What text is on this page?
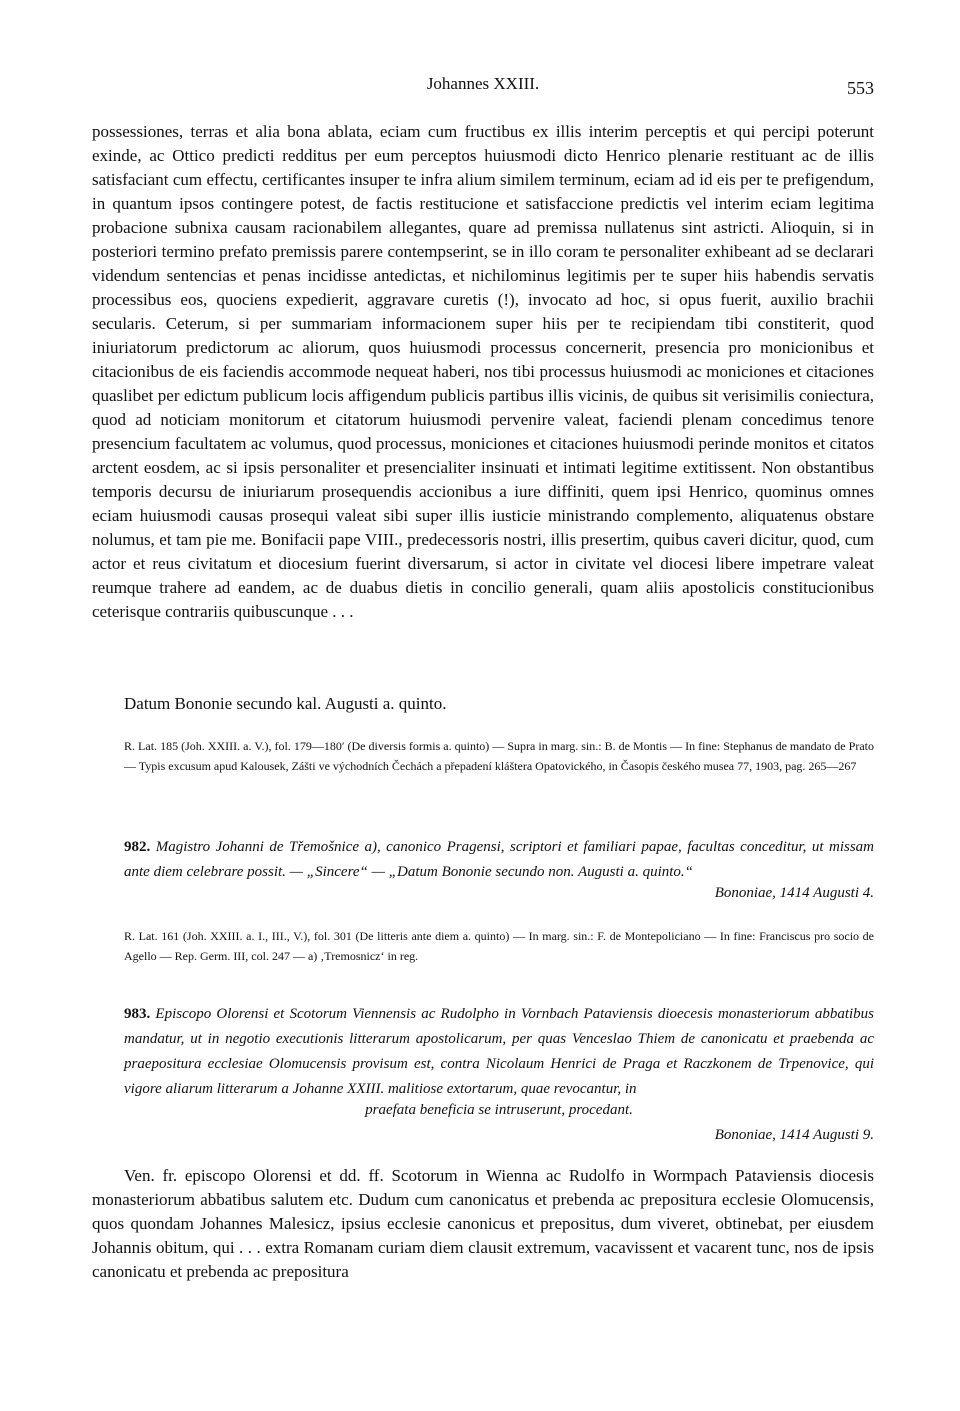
Johannes XXIII.	553

possessiones, terras et alia bona ablata, eciam cum fructibus ex illis interim perceptis et qui percipi poterunt exinde, ac Ottico predicti redditus per eum perceptos huiusmodi dicto Henrico plenarie restituant ac de illis satisfaciant cum effectu, certificantes insuper te infra alium similem terminum, eciam ad id eis per te prefigendum, in quantum ipsos contingere potest, de factis restitucione et satisfaccione predictis vel interim eciam legitima probacione subnixa causam racionabilem allegantes, quare ad premissa nullatenus sint astricti. Alioquin, si in posteriori termino prefato premissis parere contempserint, se in illo coram te personaliter exhibeant ad se declarari videndum sentencias et penas incidisse antedictas, et nichilominus legitimis per te super hiis habendis servatis processibus eos, quociens expedierit, aggravare curetis (!), invocato ad hoc, si opus fuerit, auxilio brachii secularis. Ceterum, si per summariam informacionem super hiis per te recipiendam tibi constiterit, quod iniuriatorum predictorum ac aliorum, quos huiusmodi processus concernerit, presencia pro monicionibus et citacionibus de eis faciendis accommode nequeat haberi, nos tibi processus huiusmodi ac moniciones et citaciones quaslibet per edictum publicum locis affigendum publicis partibus illis vicinis, de quibus sit verisimilis coniectura, quod ad noticiam monitorum et citatorum huiusmodi pervenire valeat, faciendi plenam concedimus tenore presencium facultatem ac volumus, quod processus, moniciones et citaciones huiusmodi perinde monitos et citatos arctent eosdem, ac si ipsis personaliter et presencialiter insinuati et intimati legitime extitissent. Non obstantibus temporis decursu de iniuriarum prosequendis accionibus a iure diffiniti, quem ipsi Henrico, quominus omnes eciam huiusmodi causas prosequi valeat sibi super illis iusticie ministrando complemento, aliquatenus obstare nolumus, et tam pie me. Bonifacii pape VIII., predecessoris nostri, illis presertim, quibus caveri dicitur, quod, cum actor et reus civitatum et diocesium fuerint diversarum, si actor in civitate vel diocesi libere impetrare valeat reumque trahere ad eandem, ac de duabus dietis in concilio generali, quam aliis apostolicis constitucionibus ceterisque contrariis quibuscunque . . .

Datum Bononie secundo kal. Augusti a. quinto.
R. Lat. 185 (Joh. XXIII. a. V.), fol. 179—180′ (De diversis formis a. quinto) — Supra in marg. sin.: B. de Montis — In fine: Stephanus de mandato de Prato — Typis excusum apud Kalousek, Zášti ve východních Čechách a přepadení kláštera Opatovického, in Časopis českého musea 77, 1903, pag. 265—267
982. Magistro Johanni de Třemošnice a), canonico Pragensi, scriptori et familiari papae, facultas conceditur, ut missam ante diem celebrare possit. — „Sincere“ — „Datum Bononie secundo non. Augusti a. quinto.“
Bononiae, 1414 Augusti 4.
R. Lat. 161 (Joh. XXIII. a. I., III., V.), fol. 301 (De litteris ante diem a. quinto) — In marg. sin.: F. de Montepoliciano — In fine: Franciscus pro socio de Agello — Rep. Germ. III, col. 247 — a) ‚Tremosnicz‘ in reg.
983. Episcopo Olorensi et Scotorum Viennensis ac Rudolpho in Vornbach Pataviensis dioecesis monasteriorum abbatibus mandatur, ut in negotio executionis litterarum apostolicarum, per quas Venceslao Thiem de canonicatu et praebenda ac praepositura ecclesiae Olomucensis provisum est, contra Nicolaum Henrici de Praga et Raczkonem de Trpenovice, qui vigore aliarum litterarum a Johanne XXIII. malitiose extortarum, quae revocantur, in
praefata beneficia se intruserunt, procedant.
Bononiae, 1414 Augusti 9.

Ven. fr. episcopo Olorensi et dd. ff. Scotorum in Wienna ac Rudolfo in Wormpach Pataviensis diocesis monasteriorum abbatibus salutem etc. Dudum cum canonicatus et prebenda ac prepositura ecclesie Olomucensis, quos quondam Johannes Malesicz, ipsius ecclesie canonicus et prepositus, dum viveret, obtinebat, per eiusdem Johannis obitum, qui . . . extra Romanam curiam diem clausit extremum, vacavissent et vacarent tunc, nos de ipsis canonicatu et prebenda ac prepositura
